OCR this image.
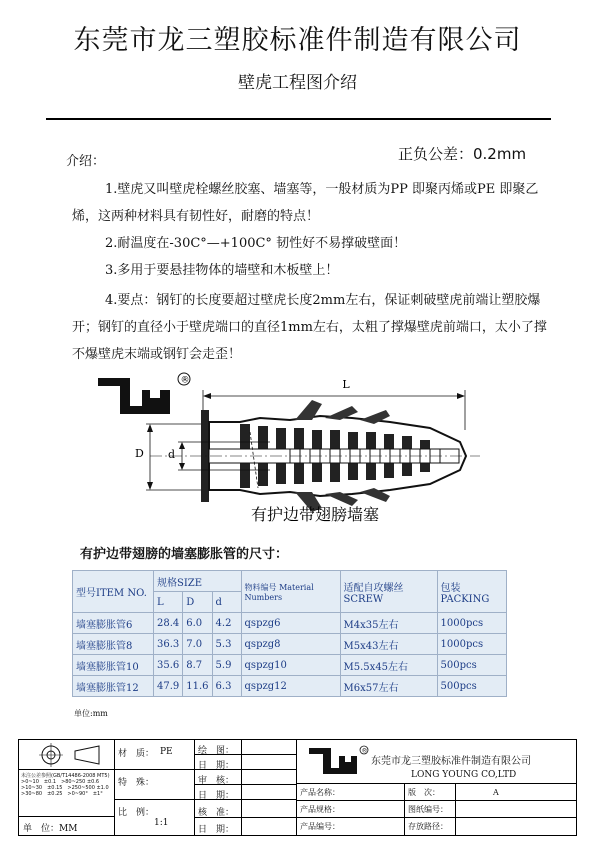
东莞市龙三塑胶标准件制造有限公司
壁虎工程图介绍
介绍：	正负公差：0.2mm

1.壁虎又叫壁虎栓螺丝胶塞、墙塞等，一般材质为PP 即聚丙烯或PE 即聚乙烯，这两种材料具有韧性好，耐磨的特点！

2.耐温度在-30C°—+100C° 韧性好不易撑破壁面！

3.多用于要悬挂物体的墙壁和木板壁上！

4.要点：钢钉的长度要超过壁虎长度2mm左右，保证刺破壁虎前端让塑胶爆开；钢钉的直径小于壁虎端口的直径1mm左右，太粗了撑爆壁虎前端口，太小了撑不爆壁虎末端或钢钉会走歪！

®	L
D d
有护边带翅膀墙塞
有护边带翅膀的墙塞膨胀管的尺寸：
型号ITEM NO.	规格SIZE			物料编号 Material Numbers	适配自攻螺丝 SCREW	包装 PACKING
	L	D	d			
墙塞膨胀管6	28.4	6.0	4.2	qspzg6	M4x35左右	1000pcs
墙塞膨胀管8	36.3	7.0	5.3	qspzg8	M5x43左右	1000pcs
墙塞膨胀管10	35.6	8.7	5.9	qspzg10	M5.5x45左右	500pcs
墙塞膨胀管12	47.9	11.6	6.3	qspzg12	M6x57左右	500pcs
单位:mm
未注公差参照(GB/T14486-2008 MT5)
>0~10　±0.1　>80~250 ±0.6
>10~30　±0.15　>250~500 ±1.0
>30~80　±0.25　>0~90°　±1°
单　位：MM
材　质： PE
特　殊：
比　例：
1:1
绘　图：
日　期：
审　核：
日　期：
核　准：
日　期：
®
东莞市龙三塑胶标准件制造有限公司
LONG YOUNG CO,LTD
产品名称：
产品规格：
产品编号：
版　次：	A
图纸编号：
存放路径：
